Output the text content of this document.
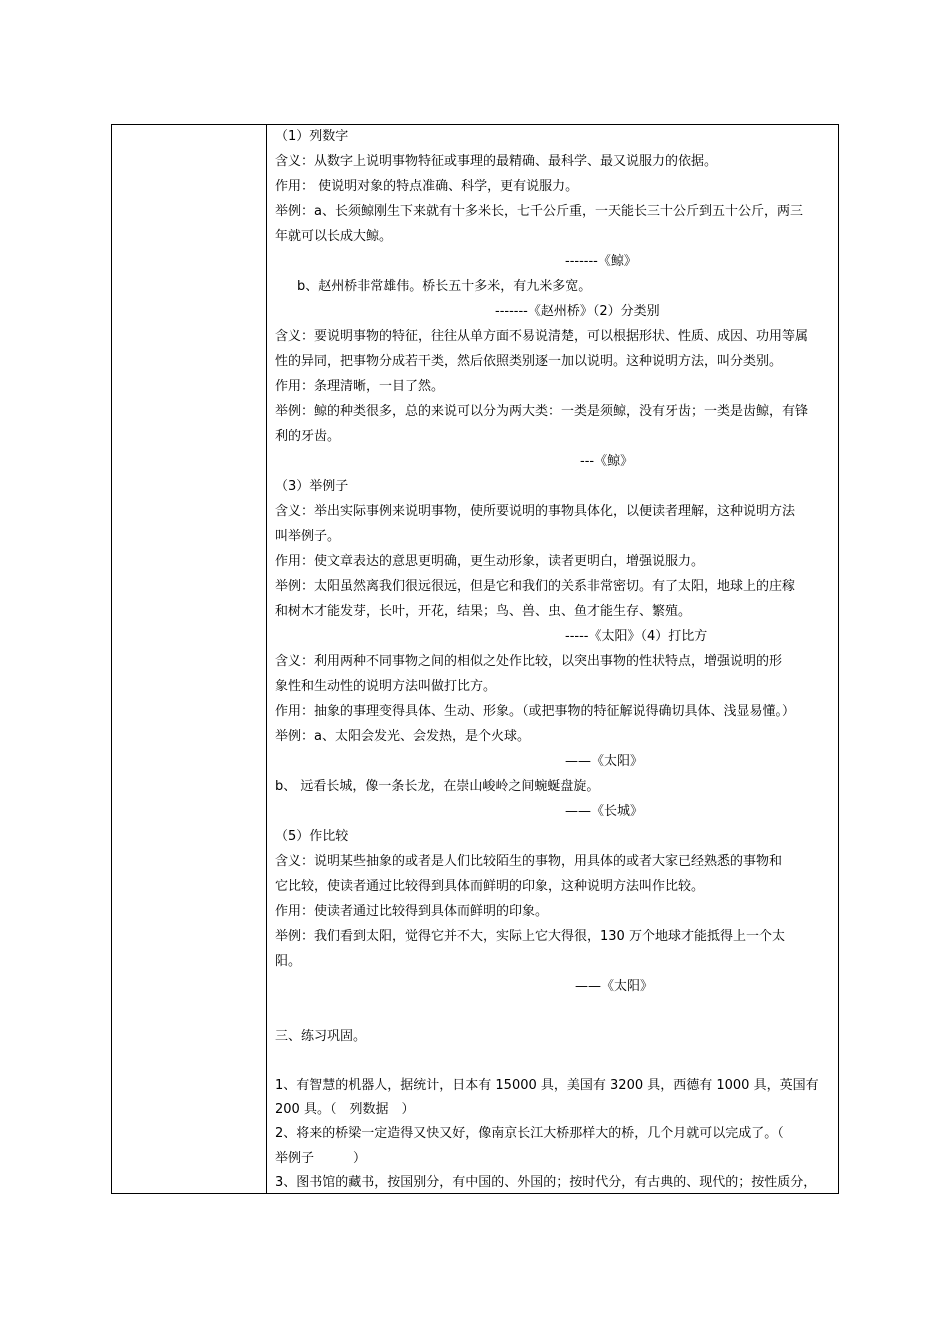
（1）列数字
含义：从数字上说明事物特征或事理的最精确、最科学、最又说服力的依据。
作用： 使说明对象的特点准确、科学，更有说服力。
举例：a、长须鲸刚生下来就有十多米长，七千公斤重，一天能长三十公斤到五十公斤，两三
年就可以长成大鲸。
-------《鲸》
b、赵州桥非常雄伟。桥长五十多米，有九米多宽。
-------《赵州桥》（2）分类别
含义：要说明事物的特征，往往从单方面不易说清楚，可以根据形状、性质、成因、功用等属
性的异同，把事物分成若干类，然后依照类别逐一加以说明。这种说明方法，叫分类别。
作用：条理清晰，一目了然。
举例：鲸的种类很多，总的来说可以分为两大类：一类是须鲸，没有牙齿；一类是齿鲸，有锋
利的牙齿。
---《鲸》
（3）举例子
含义：举出实际事例来说明事物，使所要说明的事物具体化，以便读者理解，这种说明方法
叫举例子。
作用：使文章表达的意思更明确，更生动形象，读者更明白，增强说服力。
举例：太阳虽然离我们很远很远，但是它和我们的关系非常密切。有了太阳，地球上的庄稼
和树木才能发芽，长叶，开花，结果；鸟、兽、虫、鱼才能生存、繁殖。
-----《太阳》（4）打比方
含义：利用两种不同事物之间的相似之处作比较，以突出事物的性状特点，增强说明的形
象性和生动性的说明方法叫做打比方。
作用：抽象的事理变得具体、生动、形象。（或把事物的特征解说得确切具体、浅显易懂。）
举例：a、太阳会发光、会发热，是个火球。
——《太阳》
b、 远看长城，像一条长龙，在崇山峻岭之间蜿蜒盘旋。
——《长城》
（5）作比较
含义：说明某些抽象的或者是人们比较陌生的事物，用具体的或者大家已经熟悉的事物和
它比较，使读者通过比较得到具体而鲜明的印象，这种说明方法叫作比较。
作用：使读者通过比较得到具体而鲜明的印象。
举例：我们看到太阳，觉得它并不大，实际上它大得很，130 万个地球才能抵得上一个太
阳。
——《太阳》
三、练习巩固。
1、有智慧的机器人，据统计，日本有 15000 具，美国有 3200 具，西德有 1000 具，英国有
200 具。（　列数据　）
2、将来的桥梁一定造得又快又好，像南京长江大桥那样大的桥，几个月就可以完成了。（
举例子　　　）
3、图书馆的藏书，按国别分，有中国的、外国的；按时代分，有古典的、现代的；按性质分，
